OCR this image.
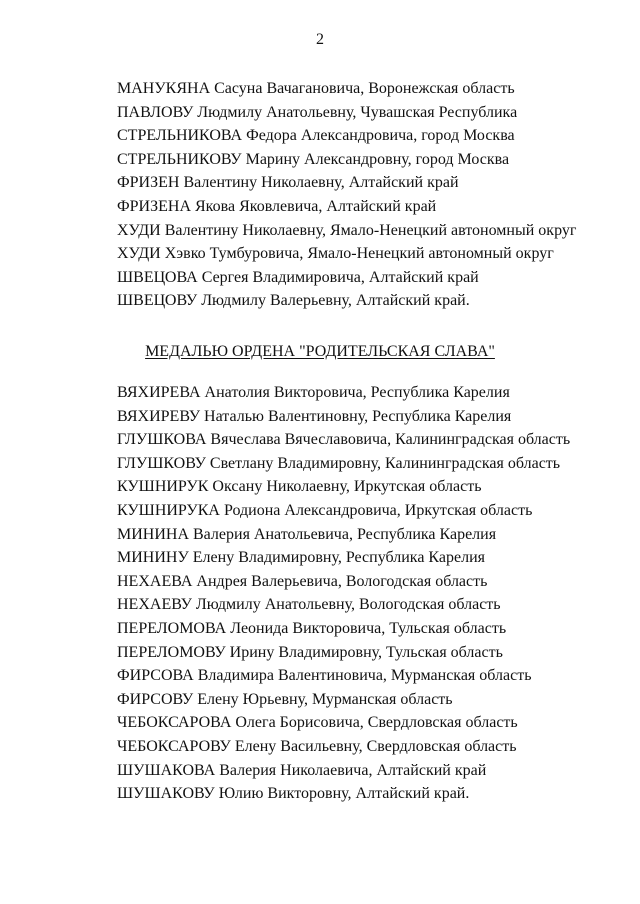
2
МАНУКЯНА Сасуна Вачагановича, Воронежская область
ПАВЛОВУ Людмилу Анатольевну, Чувашская Республика
СТРЕЛЬНИКОВА Федора Александровича, город Москва
СТРЕЛЬНИКОВУ Марину Александровну, город Москва
ФРИЗЕН Валентину Николаевну, Алтайский край
ФРИЗЕНА Якова Яковлевича, Алтайский край
ХУДИ Валентину Николаевну, Ямало-Ненецкий автономный округ
ХУДИ Хэвко Тумбуровича, Ямало-Ненецкий автономный округ
ШВЕЦОВА Сергея Владимировича, Алтайский край
ШВЕЦОВУ Людмилу Валерьевну, Алтайский край.
МЕДАЛЬЮ ОРДЕНА "РОДИТЕЛЬСКАЯ СЛАВА"
ВЯХИРЕВА Анатолия Викторовича, Республика Карелия
ВЯХИРЕВУ Наталью Валентиновну, Республика Карелия
ГЛУШКОВА Вячеслава Вячеславовича, Калининградская область
ГЛУШКОВУ Светлану Владимировну, Калининградская область
КУШНИРУК Оксану Николаевну, Иркутская область
КУШНИРУКА Родиона Александровича, Иркутская область
МИНИНА Валерия Анатольевича, Республика Карелия
МИНИНУ Елену Владимировну, Республика Карелия
НЕХАЕВА Андрея Валерьевича, Вологодская область
НЕХАЕВУ Людмилу Анатольевну, Вологодская область
ПЕРЕЛОМОВА Леонида Викторовича, Тульская область
ПЕРЕЛОМОВУ Ирину Владимировну, Тульская область
ФИРСОВА Владимира Валентиновича, Мурманская область
ФИРСОВУ Елену Юрьевну, Мурманская область
ЧЕБОКСАРОВА Олега Борисовича, Свердловская область
ЧЕБОКСАРОВУ Елену Васильевну, Свердловская область
ШУШАКОВА Валерия Николаевича, Алтайский край
ШУШАКОВУ Юлию Викторовну, Алтайский край.
